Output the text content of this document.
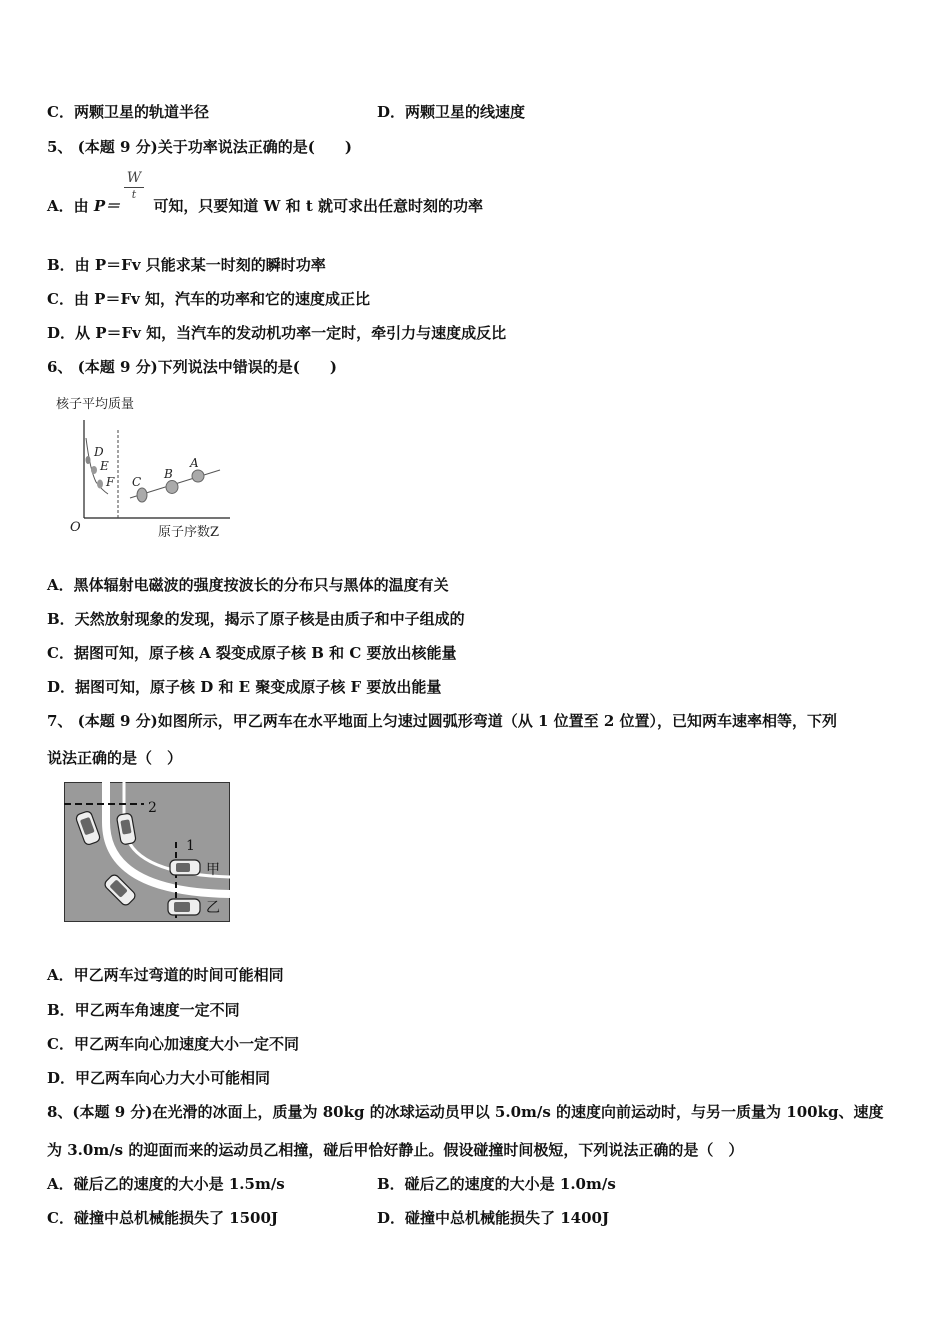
C．两颗卫星的轨道半径	D．两颗卫星的线速度
5、 (本题 9 分)关于功率说法正确的是(　　)
A．由 P＝ 可知，只要知道 W 和 t 就可求出任意时刻的功率
W
t
B．由 P＝Fv 只能求某一时刻的瞬时功率
C．由 P＝Fv 知，汽车的功率和它的速度成正比
D．从 P＝Fv 知，当汽车的发动机功率一定时，牵引力与速度成反比
6、 (本题 9 分)下列说法中错误的是(　　)
核子平均质量
O	原子序数Z
D
E
F C
B
A
A．黑体辐射电磁波的强度按波长的分布只与黑体的温度有关
B．天然放射现象的发现，揭示了原子核是由质子和中子组成的
C．据图可知，原子核 A 裂变成原子核 B 和 C 要放出核能量
D．据图可知，原子核 D 和 E 聚变成原子核 F 要放出能量
7、 (本题 9 分)如图所示，甲乙两车在水平地面上匀速过圆弧形弯道（从 1 位置至 2 位置），已知两车速率相等，下列
说法正确的是（　）
2
1
甲
乙
A．甲乙两车过弯道的时间可能相同
B．甲乙两车角速度一定不同
C．甲乙两车向心加速度大小一定不同
D．甲乙两车向心力大小可能相同
8、(本题 9 分)在光滑的冰面上，质量为 80kg 的冰球运动员甲以 5.0m/s 的速度向前运动时，与另一质量为 100kg、速度
为 3.0m/s 的迎面而来的运动员乙相撞，碰后甲恰好静止。假设碰撞时间极短，下列说法正确的是（　）
A．碰后乙的速度的大小是 1.5m/s	B．碰后乙的速度的大小是 1.0m/s
C．碰撞中总机械能损失了 1500J	D．碰撞中总机械能损失了 1400J
